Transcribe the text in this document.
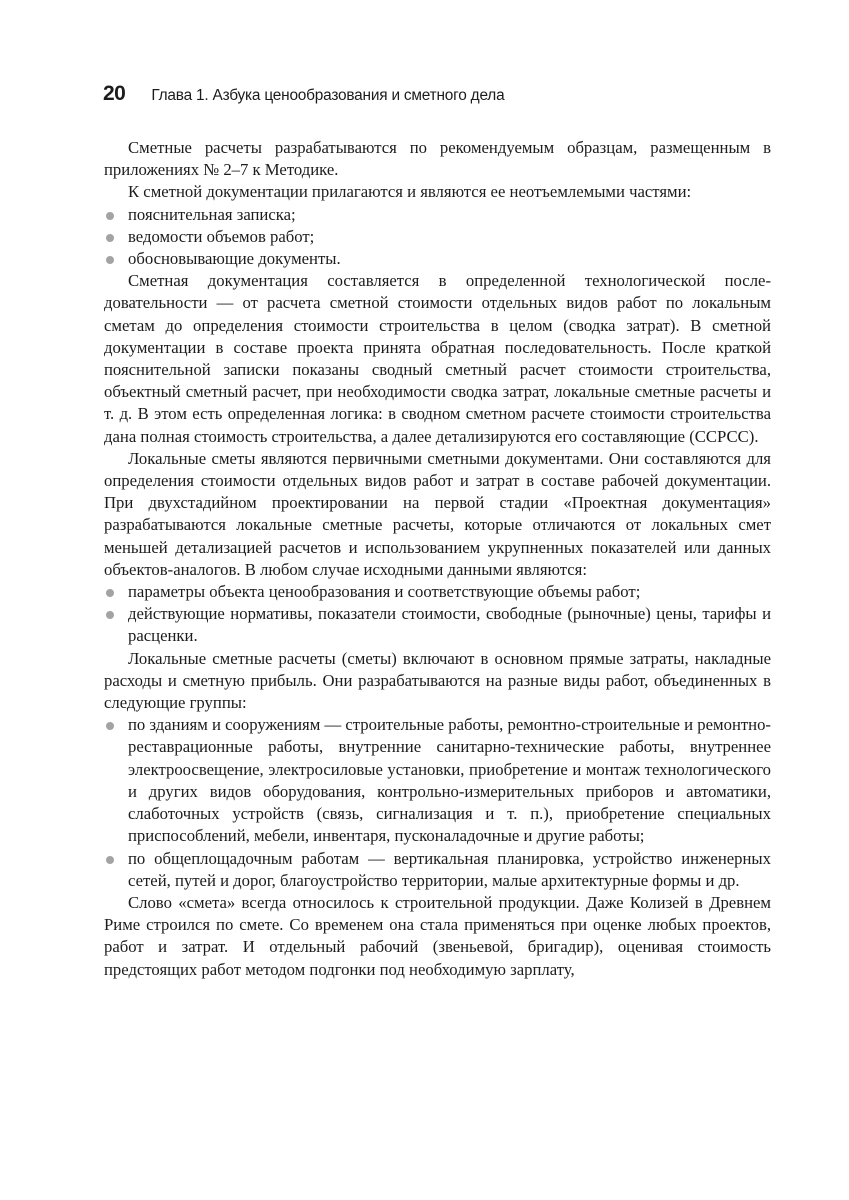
20 Глава 1. Азбука ценообразования и сметного дела

Сметные расчеты разрабатываются по рекомендуемым образцам, размещенным в приложениях № 2–7 к Методике.

К сметной документации прилагаются и являются ее неотъемлемыми частями:

пояснительная записка;
ведомости объемов работ;
обосновывающие документы.

Сметная документация составляется в определенной технологической последовательности — от расчета сметной стоимости отдельных видов работ по локальным сметам до определения стоимости строительства в целом (сводка затрат). В сметной документации в составе проекта принята обратная последовательность. После краткой пояснительной записки показаны сводный сметный расчет стоимости строительства, объектный сметный расчет, при необходимости сводка затрат, локальные сметные расчеты и т. д. В этом есть определенная логика: в сводном сметном расчете стоимости строительства дана полная стоимость строительства, а далее детализируются его составляющие (ССРСС).

Локальные сметы являются первичными сметными документами. Они составляются для определения стоимости отдельных видов работ и затрат в составе рабочей документации. При двухстадийном проектировании на первой стадии «Проектная документация» разрабатываются локальные сметные расчеты, которые отличаются от локальных смет меньшей детализацией расчетов и использованием укрупненных показателей или данных объектов-аналогов. В любом случае исходными данными являются:

параметры объекта ценообразования и соответствующие объемы работ;
действующие нормативы, показатели стоимости, свободные (рыночные) цены, тарифы и расценки.

Локальные сметные расчеты (сметы) включают в основном прямые затраты, накладные расходы и сметную прибыль. Они разрабатываются на разные виды работ, объединенных в следующие группы:

по зданиям и сооружениям — строительные работы, ремонтно-строительные и ремонтно-реставрационные работы, внутренние санитарно-технические работы, внутреннее электроосвещение, электросиловые установки, приобретение и монтаж технологического и других видов оборудования, контрольно-измерительных приборов и автоматики, слаботочных устройств (связь, сигнализация и т. п.), приобретение специальных приспособлений, мебели, инвентаря, пусконаладочные и другие работы;
по общеплощадочным работам — вертикальная планировка, устройство инженерных сетей, путей и дорог, благоустройство территории, малые архитектурные формы и др.

Слово «смета» всегда относилось к строительной продукции. Даже Колизей в Древнем Риме строился по смете. Со временем она стала применяться при оценке любых проектов, работ и затрат. И отдельный рабочий (звеньевой, бригадир), оценивая стоимость предстоящих работ методом подгонки под необходимую зарплату,
